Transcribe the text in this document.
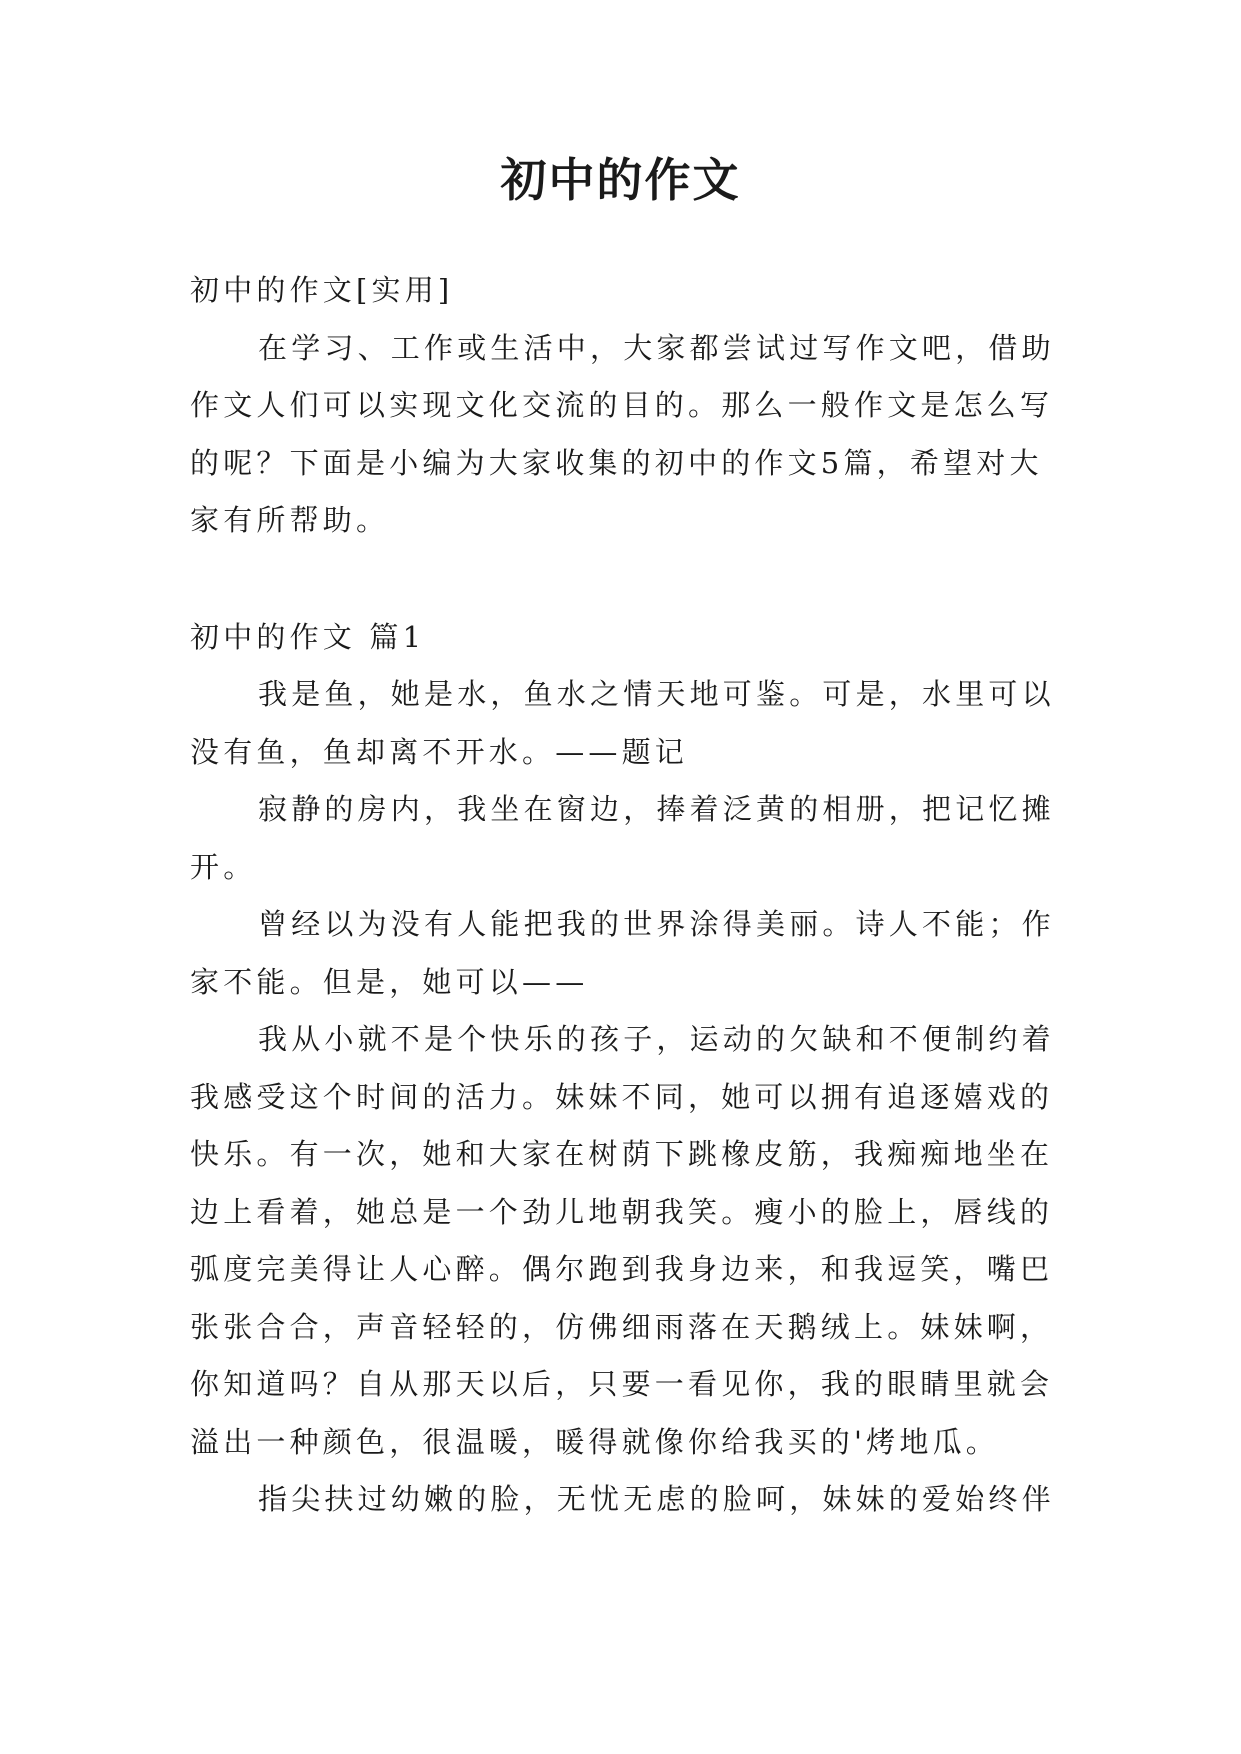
初中的作文
初中的作文[实用]
在学习、工作或生活中，大家都尝试过写作文吧，借助
作文人们可以实现文化交流的目的。那么一般作文是怎么写
的呢？下面是小编为大家收集的初中的作文5篇，希望对大
家有所帮助。
初中的作文 篇1
我是鱼，她是水，鱼水之情天地可鉴。可是，水里可以
没有鱼，鱼却离不开水。——题记
寂静的房内，我坐在窗边，捧着泛黄的相册，把记忆摊
开。
曾经以为没有人能把我的世界涂得美丽。诗人不能；作
家不能。但是，她可以——
我从小就不是个快乐的孩子，运动的欠缺和不便制约着
我感受这个时间的活力。妹妹不同，她可以拥有追逐嬉戏的
快乐。有一次，她和大家在树荫下跳橡皮筋，我痴痴地坐在
边上看着，她总是一个劲儿地朝我笑。瘦小的脸上，唇线的
弧度完美得让人心醉。偶尔跑到我身边来，和我逗笑，嘴巴
张张合合，声音轻轻的，仿佛细雨落在天鹅绒上。妹妹啊，
你知道吗？自从那天以后，只要一看见你，我的眼睛里就会
溢出一种颜色，很温暖，暖得就像你给我买的'烤地瓜。
指尖扶过幼嫩的脸，无忧无虑的脸呵，妹妹的爱始终伴
